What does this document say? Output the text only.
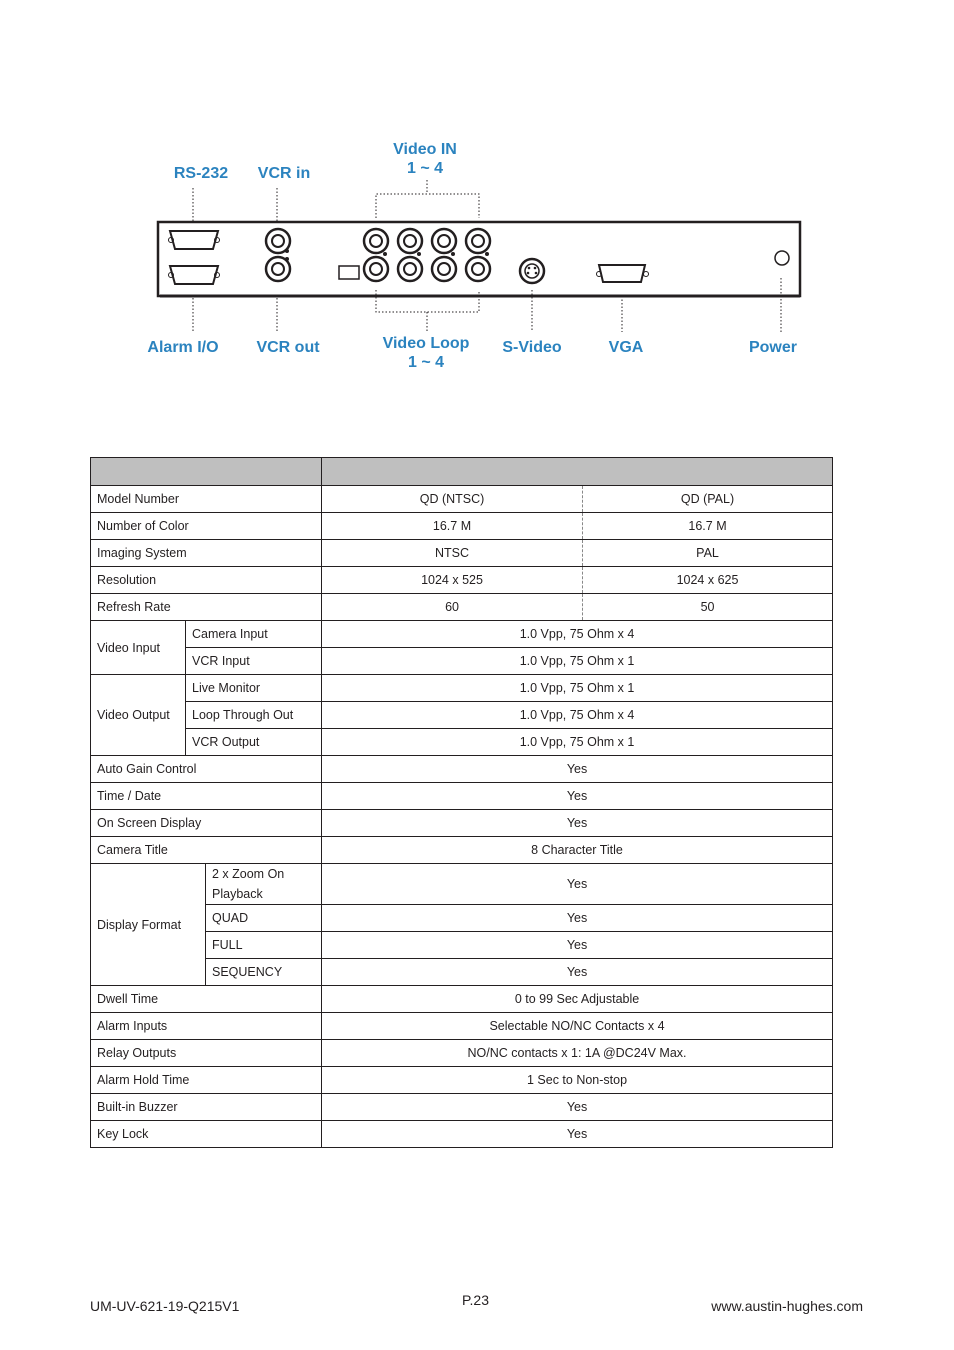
RS-232	VCR in
Video IN
1 ~ 4
Alarm I/O	VCR out	Video Loop
1 ~ 4
S-Video	VGA	Power

Model Number			QD (NTSC)	QD (PAL)
Number of Color			16.7 M	16.7 M
Imaging System			NTSC	PAL
Resolution			1024 x 525	1024 x 625
Refresh Rate			60	50
Video Input	Camera Input		1.0 Vpp, 75 Ohm x 4	
	VCR Input		1.0 Vpp, 75 Ohm x 1	
Video Output	Live Monitor		1.0 Vpp, 75 Ohm x 1	
	Loop Through Out		1.0 Vpp, 75 Ohm x 4	
	VCR Output		1.0 Vpp, 75 Ohm x 1	
Auto Gain Control			Yes	
Time / Date			Yes	
On Screen Display			Yes	
Camera Title			8 Character Title	
Display Format		2 x Zoom On Playback	Yes	
		QUAD	Yes	
		FULL	Yes	
		SEQUENCY	Yes	
Dwell Time			0 to 99 Sec Adjustable	
Alarm Inputs			Selectable NO/NC Contacts x 4	
Relay Outputs			NO/NC contacts x 1: 1A @DC24V Max.	
Alarm Hold Time			1 Sec to Non-stop	
Built-in Buzzer			Yes	
Key Lock			Yes	
UM-UV-621-19-Q215V1	P.23	www.austin-hughes.com
